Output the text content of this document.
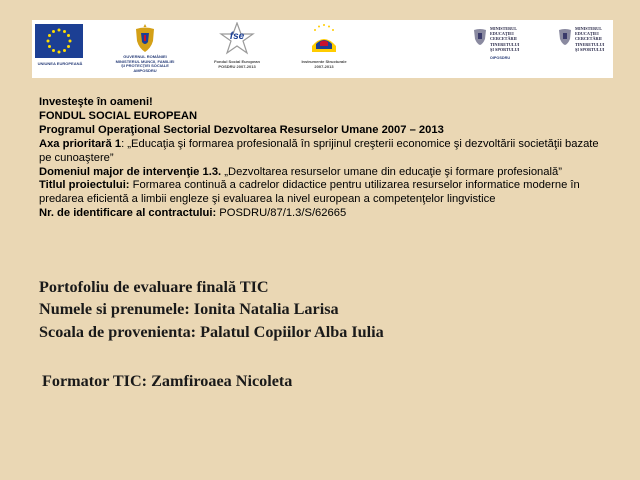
UNIUNEA EUROPEANĂ
GUVERNUL ROMÂNIEI
MINISTERUL MUNCII, FAMILIEI
ŞI PROTECŢIEI SOCIALE
AMPOSDRU
fse
Fondul Social European
POSDRU 2007-2013
Instrumente Structurale
2007-2013
MINISTERUL
EDUCAŢIEI
CERCETĂRII
TINERETULUI
ŞI SPORTULUI
OIPOSDRU
MINISTERUL
EDUCAŢIEI
CERCETĂRII
TINERETULUI
ŞI SPORTULUI

Investeşte în oameni!

FONDUL SOCIAL EUROPEAN

Programul Operaţional Sectorial Dezvoltarea Resurselor Umane 2007 – 2013

Axa prioritară 1: „Educaţia şi formarea profesională în sprijinul creşterii economice şi dezvoltării societăţii bazate pe cunoaştere”

Domeniul major de intervenţie 1.3. „Dezvoltarea resurselor umane din educaţie şi formare profesională”

Titlul proiectului: Formarea continuă a cadrelor didactice pentru utilizarea resurselor informatice moderne în predarea eficientă a limbii engleze şi evaluarea la nivel european a competenţelor lingvistice

Nr. de identificare al contractului: POSDRU/87/1.3/S/62665

Portofoliu de evaluare finală TIC

Numele si prenumele: Ionita Natalia Larisa

Scoala de provenienta: Palatul Copiilor Alba Iulia

Formator TIC: Zamfiroaea Nicoleta
